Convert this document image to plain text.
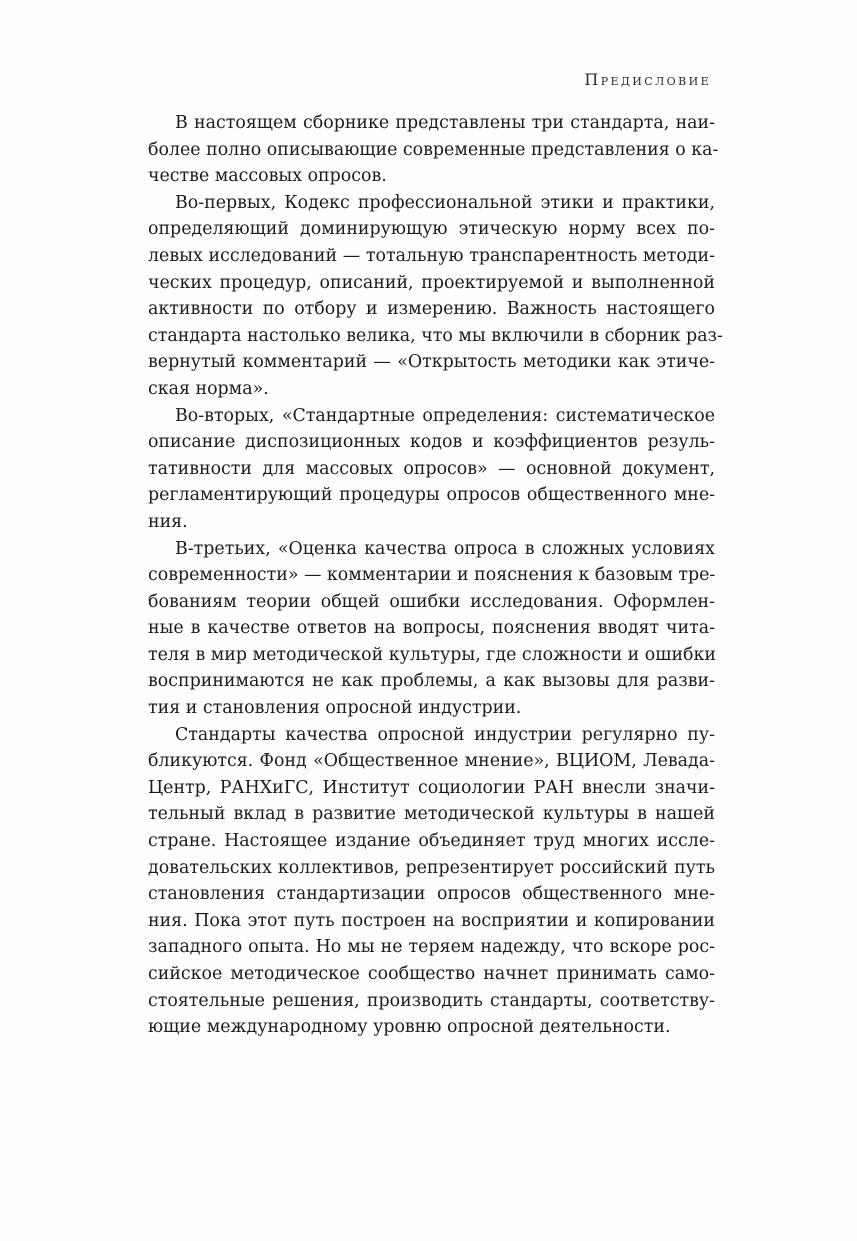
Предисловие
В настоящем сборнике представлены три стандарта, наи-
более полно описывающие современные представления о ка-
честве массовых опросов.
Во-первых, Кодекс профессиональной этики и практики,
определяющий доминирующую этическую норму всех по-
левых исследований — тотальную транспарентность методи-
ческих процедур, описаний, проектируемой и выполненной
активности по отбору и измерению. Важность настоящего
стандарта настолько велика, что мы включили в сборник раз-
вернутый комментарий — «Открытость методики как этиче-
ская норма».
Во-вторых, «Стандартные определения: систематическое
описание диспозиционных кодов и коэффициентов резуль-
тативности для массовых опросов» — основной документ,
регламентирующий процедуры опросов общественного мне-
ния.
В-третьих, «Оценка качества опроса в сложных условиях
современности» — комментарии и пояснения к базовым тре-
бованиям теории общей ошибки исследования. Оформлен-
ные в качестве ответов на вопросы, пояснения вводят чита-
теля в мир методической культуры, где сложности и ошибки
воспринимаются не как проблемы, а как вызовы для разви-
тия и становления опросной индустрии.
Стандарты качества опросной индустрии регулярно пу-
бликуются. Фонд «Общественное мнение», ВЦИОМ, Левада-
Центр, РАНХиГС, Институт социологии РАН внесли значи-
тельный вклад в развитие методической культуры в нашей
стране. Настоящее издание объединяет труд многих иссле-
довательских коллективов, репрезентирует российский путь
становления стандартизации опросов общественного мне-
ния. Пока этот путь построен на восприятии и копировании
западного опыта. Но мы не теряем надежду, что вскоре рос-
сийское методическое сообщество начнет принимать само-
стоятельные решения, производить стандарты, соответству-
ющие международному уровню опросной деятельности.
